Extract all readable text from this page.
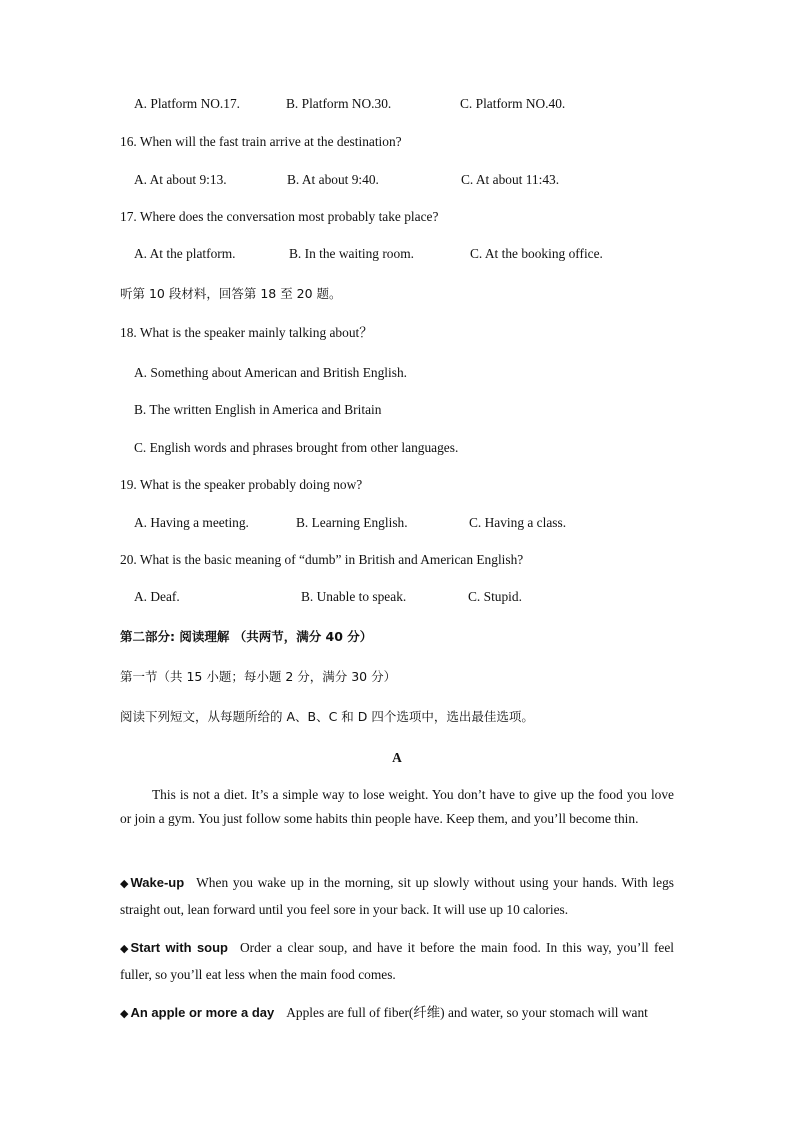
A. Platform NO.17.	B. Platform NO.30.	C. Platform NO.40.
16. When will the fast train arrive at the destination?
A. At about 9:13.	B. At about 9:40.	C. At about 11:43.
17. Where does the conversation most probably take place?
A. At the platform.	B. In the waiting room.	C. At the booking office.
听第 10 段材料，回答第 18 至 20 题。
18. What is the speaker mainly talking about？
A. Something about American and British English.
B. The written English in America and Britain
C. English words and phrases brought from other languages.
19. What is the speaker probably doing now?
A. Having a meeting.	B. Learning English.	C. Having a class.
20. What is the basic meaning of “dumb” in British and American English?
A. Deaf.	B. Unable to speak.	C. Stupid.
第二部分: 阅读理解 （共两节，满分 40 分）
第一节（共 15 小题；每小题 2 分，满分 30 分）
阅读下列短文，从每题所给的 A、B、C 和 D 四个选项中，选出最佳选项。
A

This is not a diet. It’s a simple way to lose weight. You don’t have to give up the food you love or join a gym. You just follow some habits thin people have. Keep them, and you’ll become thin.

◆ Wake-up When you wake up in the morning, sit up slowly without using your hands. With legs straight out, lean forward until you feel sore in your back. It will use up 10 calories.

◆ Start with soup Order a clear soup, and have it before the main food. In this way, you’ll feel fuller, so you’ll eat less when the main food comes.

◆ An apple or more a day Apples are full of fiber(纤维) and water, so your stomach will want
